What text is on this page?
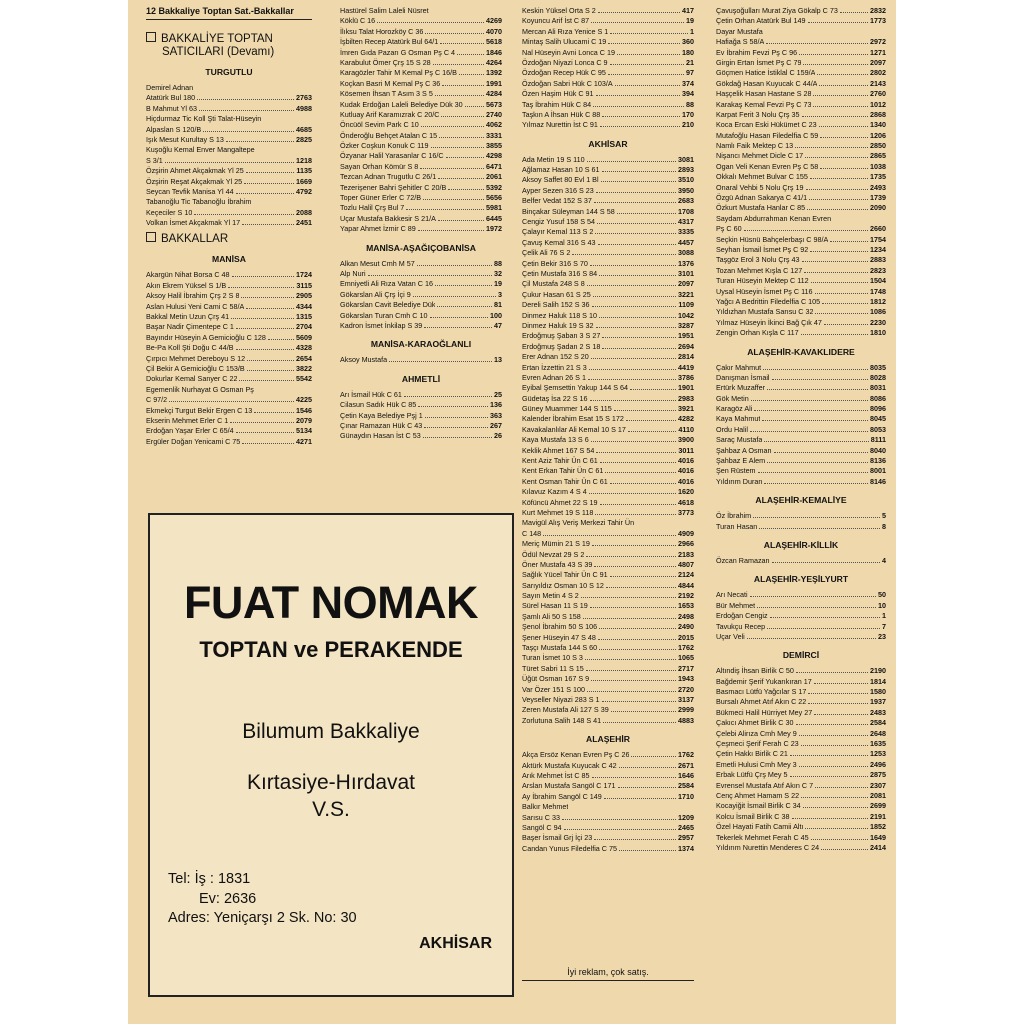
12 Bakkaliye Toptan Sat.-Bakkallar
BAKKALİYE TOPTAN
SATICILARI (Devamı)
TURGUTLU
Demirel Adnan
Atatürk Bul 180	2763
B Mahmut Yl 63	4988
Hiçdurmaz Tic Koll Şti Talat-Hüseyin
Alpaslan S 120/B	4685
Işık Mesut Kurultay S 13	2825
Kuşoğlu Kemal Enver Mangaltepe
S 3/1	1218
Özşirin Ahmet Akçakmak Yl 25	1135
Özşirin Reşat Akçakmak Yl 25	1669
Seycan Tevfik Manisa Yl 44	4792
Tabanoğlu Tic Tabanoğlu İbrahim
Keçeciler S 10	2088
Volkan İsmet Akçakmak Yl 17	2451
BAKKALLAR
MANİSA
Akargün Nihat Borsa C 48	1724
Akın Ekrem Yüksel S 1/B	3115
Aksoy Halil İbrahim Çrş 2 S 8	2905
Aslan Hulusi Yeni Cami C 58/A	4344
Bakkal Metin Uzun Çrş 41	1315
Başar Nadir Çimentepe C 1	2704
Bayındır Hüseyin A Gemicioğlu C 128	5609
Be-Pa Koll Şti Doğu C 44/B	4328
Çırpıcı Mehmet Dereboyu S 12	2654
Çil Bekir A Gemicioğlu C 153/B	3822
Dokurlar Kemal Sanyer C 22	5542
Egemenlik Nurhayat G Osman Pş
C 97/2	4225
Ekmekçi Turgut Bekir Ergen C 13	1546
Ekserin Mehmet Erler C 1	2079
Erdoğan Yaşar Erler C 65/4	5134
Ergüler Doğan Yenicami C 75	4271
Hastürel Salim Laleli Nüsret
Köklü C 16	4269
İlıksu Talat Horozköy C 36	4070
İşbilten Recep Atatürk Bul 64/1	5618
İmren Gıda Pazarı G Osman Pş C 4	1846
Karabulut Ömer Çrş 15 S 28	4264
Karagözler Tahir M Kemal Pş C 16/B	1392
Koçkan Basri M Kemal Pş C 36	1991
Kösemen İhsan T Asım 3 S 5	4284
Kudak Erdoğan Laleli Belediye Dük 30	5673
Kutluay Arif Karamızrak C 20/C	2740
Öncüöl Sevim Park C 10	4062
Önderoğlu Behçet Atalan C 15	3331
Özker Coşkun Konuk C 119	3855
Özyanar Halil Yarasanlar C 16/C	4298
Sayan Orhan Kömür S 8	6471
Tezcan Adnan Trugutlu C 26/1	2061
Tezerişener Bahri Şehitler C 20/B	5392
Toper Güner Erler C 72/B	5656
Tozlu Halil Çrş Bul 7	5981
Uçar Mustafa Bakkesir S 21/A	6445
Yapar Ahmet İzmir C 89	1972
MANİSA-AŞAĞIÇOBANİSA
Alkan Mesut Cmh M 57	88
Alp Nuri	32
Emniyetli Ali Rıza Vatan C 16	19
Gökarslan Ali Çrş İçi 9	3
Gökarslan Cavit Belediye Dük	81
Gökarslan Turan Cmh C 10	100
Kadron İsmet İnkilap S 39	47
MANİSA-KARAOĞLANLI
Aksoy Mustafa	13
AHMETLİ
Arı İsmail Hük C 61	25
Cilasun Sadık Hük C 85	136
Çetin Kaya Belediye Pşj 1	363
Çınar Ramazan Hük C 43	267
Günaydın Hasan İst C 53	26
Keskin Yüksel Orta S 2	417
Koyuncu Arif İst C 87	19
Mercan Ali Rıza Yenice S 1	1
Mintaş Salih Ulucami C 19	360
Nal Hüseyin Avni Lonca C 19	180
Özdoğan Niyazi Lonca C 9	21
Özdoğan Recep Hük C 95	97
Özdoğan Sabri Hük C 103/A	374
Özen Haşim Hük C 91	394
Taş İbrahim Hük C 84	88
Taşkın A İhsan Hük C 88	170
Yılmaz Nurettin İst C 91	210
AKHİSAR
Ada Metin 19 S 110	3081
Ağlamaz Hasan 10 S 61	2893
Aksoy Saffet 80 Evl 1 Bl	3510
Ayper Sezen 316 S 23	3950
Belfer Vedat 152 S 37	2683
Binçakar Süleyman 144 S 58	1708
Cengiz Yusuf 158 S 54	4317
Çalayır Kemal 113 S 2	3335
Çavuş Kemal 316 S 43	4457
Çelik Ali 76 S 2	3088
Çetin Bekir 316 S 70	1376
Çetin Mustafa 316 S 84	3101
Çil Mustafa 248 S 8	2097
Çukur Hasan 61 S 25	3221
Dereli Salih 152 S 36	1109
Dinmez Haluk 118 S 10	1042
Dinmez Haluk 19 S 32	3287
Erdoğmuş Şaban 3 S 27	1951
Erdoğmuş Şadan 2 S 18	2694
Erer Adnan 152 S 20	2814
Ertan İzzettin 21 S 3	4419
Evren Adnan 26 S 1	3786
Eyibal Şemsettin Yakup 144 S 64	1901
Güdetaş İsa 22 S 16	2983
Güney Muammer 144 S 115	3921
Kalender İbrahim Esat 15 S 172	4282
Kavakalanlılar Ali Kemal 10 S 17	4110
Kaya Mustafa 13 S 6	3900
Keklik Ahmet 167 S 54	3011
Kent Aziz Tahir Ün C 61	4016
Kent Erkan Tahir Ün C 61	4016
Kent Osman Tahir Ün C 61	4016
Kılavuz Kazım 4 S 4	1620
Köfüncü Ahmet 22 S 19	4618
Kurt Mehmet 19 S 118	3773
Mavigül Alış Veriş Merkezi Tahir Ün
C 148	4909
Meriç Mümin 21 S 19	2966
Ödül Nevzat 29 S 2	2183
Öner Mustafa 43 S 39	4807
Sağlık Yücel Tahir Ün C 91	2124
Sarıyıldız Osman 10 S 12	4844
Sayın Metin 4 S 2	2192
Sürel Hasan 11 S 19	1653
Şamlı Ali 50 S 158	2498
Şenol İbrahim 50 S 106	2490
Şener Hüseyin 47 S 48	2015
Taşçı Mustafa 144 S 60	1762
Turan İsmet 10 S 3	1065
Türet Sabri 11 S 15	2717
Üğüt Osman 167 S 9	1943
Var Özer 151 S 100	2720
Veyseller Niyazi 283 S 1	3137
Zeren Mustafa Ali 127 S 39	2999
Zorlutuna Salih 148 S 41	4883
ALAŞEHİR
Akça Ersöz Kenan Evren Pş C 26	1762
Aktürk Mustafa Kuyucak C 42	2671
Arık Mehmet İst C 85	1646
Arslan Mustafa Sangöl C 171	2584
Ay İbrahim Sangöl C 149	1710
Balkır Mehmet
Sarısu C 33	1209
Sangöl C 94	2465
Başer İsmail Grj İçi 23	2957
Candan Yunus Filedelfia C 75	1374
Çavuşoğulları Murat Ziya Gökalp C 73	2832
Çetin Orhan Atatürk Bul 149	1773
Dayar Mustafa
Hafiağa S 58/A	2972
Ev İbrahim Fevzi Pş C 96	1271
Girgin Ertan İsmet Pş C 79	2097
Göçmen Hatice İstiklal C 159/A	2802
Gökdağ Hasan Kuyucak C 44/A	2143
Haşçelik Hasan Hastane S 28	2760
Karakaş Kemal Fevzi Pş C 73	1012
Karpat Ferit 3 Nolu Çrş 35	2868
Koca Ercan Eski Hükümet C 23	1340
Mutafoğlu Hasan Filedelfia C 59	1206
Namlı Faik Mektep C 13	2850
Nişancı Mehmet Dicle C 17	2865
Ogan Veli Kenan Evren Pş C 58	1038
Okkalı Mehmet Bulvar C 155	1735
Onaral Vehbi 5 Nolu Çrş 19	2493
Özgü Adnan Sakarya C 41/1	1739
Özkurt Mustafa Hanlar C 85	2090
Saydam Abdurrahman Kenan Evren
Pş C 60	2660
Seçkin Hüsnü Bahçelerbaşı C 98/A	1754
Seyhan İsmail İsmet Pş C 92	1234
Taşgöz Erol 3 Nolu Çrş 43	2883
Tozan Mehmet Kışla C 127	2823
Turan Hüseyin Mektep C 112	1504
Uysal Hüseyin İsmet Pş C 116	1748
Yağcı A Bedrittin Filedelfia C 105	1812
Yıldızhan Mustafa Sarısu C 32	1086
Yılmaz Hüseyin İkinci Bağ Çık 47	2230
Zengin Orhan Kışla C 117	1810
ALAŞEHİR-KAVAKLIDERE
Çakır Mahmut	8035
Danışman İsmail	8028
Ertürk Muzaffer	8031
Gök Metin	8086
Karagöz Ali	8096
Kaya Mahmut	8045
Ordu Halil	8053
Saraç Mustafa	8111
Şahbaz A Osman	8040
Şahbaz E Alem	8136
Şen Rüstem	8001
Yıldırım Duran	8146
ALAŞEHİR-KEMALİYE
Öz İbrahim	5
Turan Hasan	8
ALAŞEHİR-KİLLİK
Özcan Ramazan	4
ALAŞEHİR-YEŞİLYURT
Arı Necati	50
Bür Mehmet	10
Erdoğan Cengiz	1
Tavukçu Recep	7
Uçar Veli	23
DEMİRCİ
Altındiş İhsan Birlik C 50	2190
Bağdemir Şerif Yukarıkıran 17	1814
Basmacı Lütfü Yağcılar S 17	1580
Bursalı Ahmet Atıf Akın C 22	1937
Bükmeci Halil Hürriyet Mey 27	2483
Çakıcı Ahmet Birlik C 30	2584
Çelebi Alirıza Cmh Mey 9	2648
Çeşmeci Şerif Ferah C 23	1635
Çetin Hakkı Birlik C 21	1253
Emetli Hulusi Cmh Mey 3	2496
Erbak Lütfü Çrş Mey 5	2875
Evrensel Mustafa Atıf Akın C 7	2307
Cenç Ahmet Hamam S 22	2081
Kocayiğit İsmail Birlik C 34	2699
Kolcu İsmail Birlik C 38	2191
Özel Hayati Fatih Camii Altı	1852
Tekerlek Mehmet Ferah C 45	1649
Yıldırım Nurettin Menderes C 24	2414
FUAT NOMAK
TOPTAN ve PERAKENDE
Bilumum Bakkaliye
Kırtasiye-Hırdavat
V.S.
Tel: İş : 1831
Ev: 2636
Adres: Yeniçarşı 2 Sk. No: 30
AKHİSAR
İyi reklam, çok satış.
